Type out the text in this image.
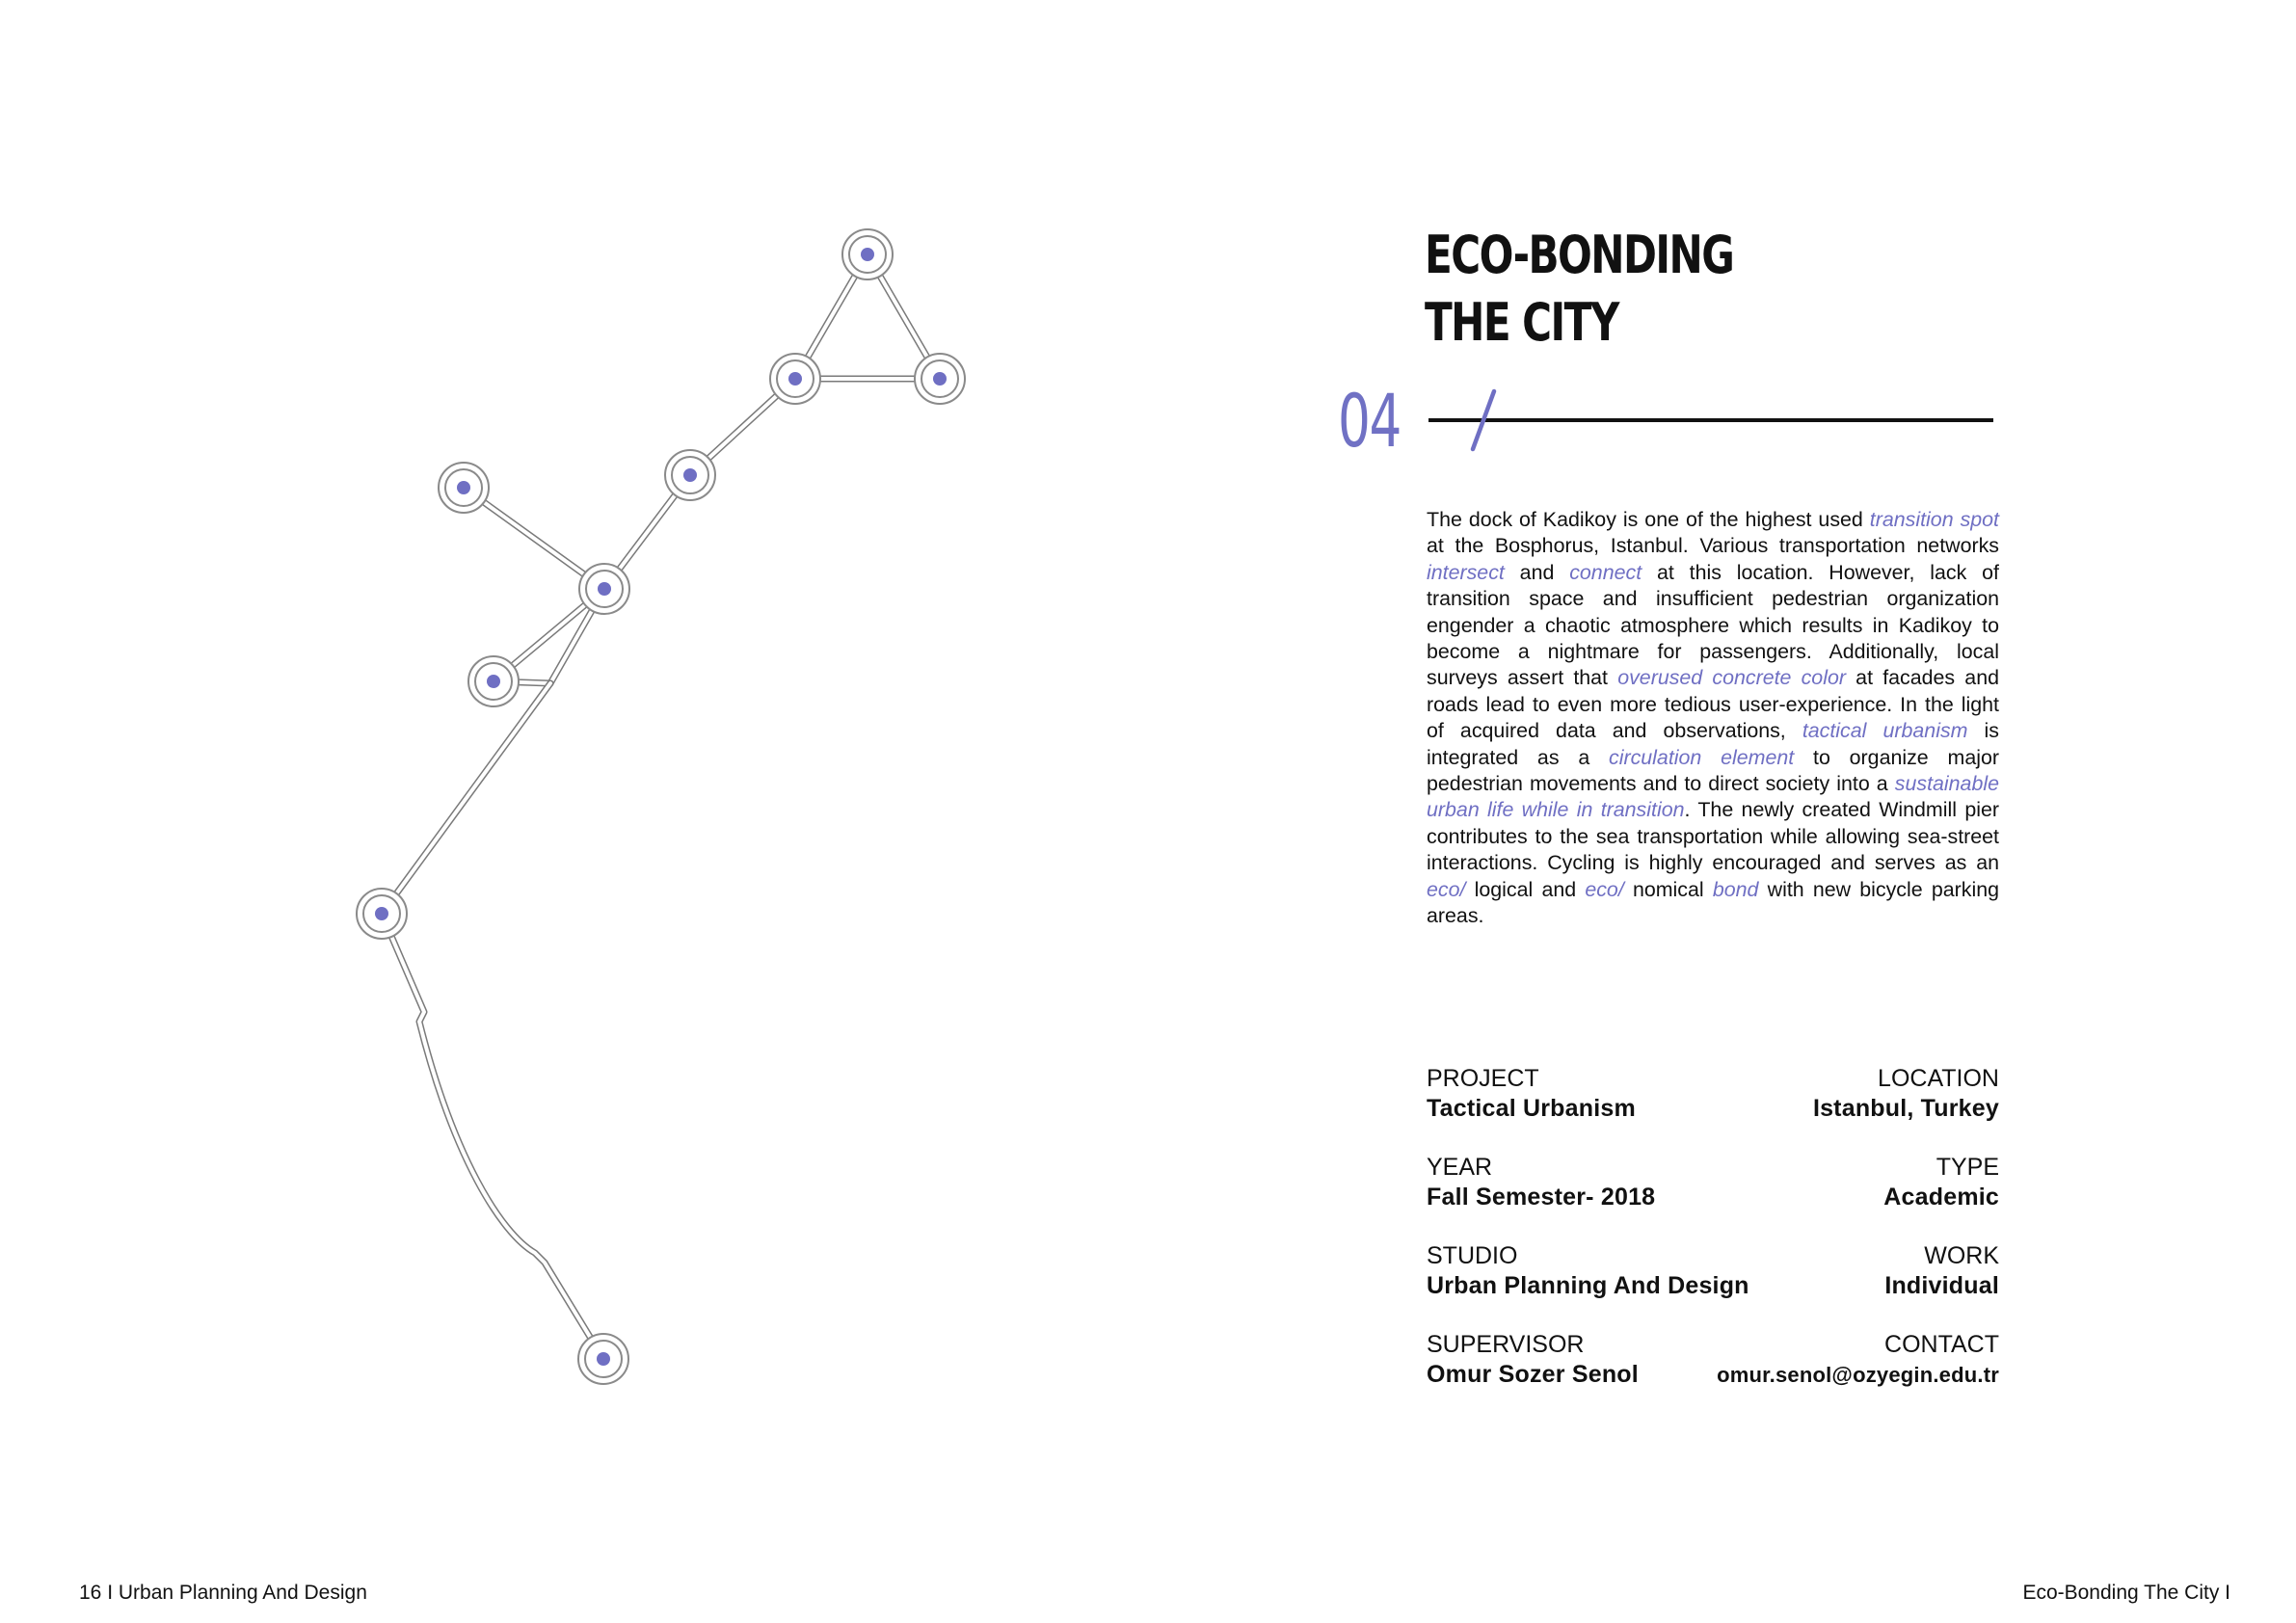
ECO-BONDING
THE CITY
04

The dock of Kadikoy is one of the highest used transition spot at the Bosphorus, Istanbul. Various transportation networks intersect and connect at this location. However, lack of transition space and insufficient pedestrian organization engender a chaotic atmosphere which results in Kadikoy to become a nightmare for passengers. Additionally, local surveys assert that overused concrete color at facades and roads lead to even more tedious user-experience. In the light of acquired data and observations, tactical urbanism is integrated as a circulation element to organize major pedestrian movements and to direct society into a sustainable urban life while in transition. The newly created Windmill pier contributes to the sea transportation while allowing sea-street interactions. Cycling is highly encouraged and serves as an eco/ logical and eco/ nomical bond with new bicycle parking areas.

PROJECT
Tactical Urbanism
LOCATION
Istanbul, Turkey
YEAR
Fall Semester- 2018
TYPE
Academic
STUDIO
Urban Planning And Design
WORK
Individual
SUPERVISOR
Omur Sozer Senol
CONTACT
omur.senol@ozyegin.edu.tr
16 I Urban Planning And Design	Eco-Bonding The City I
